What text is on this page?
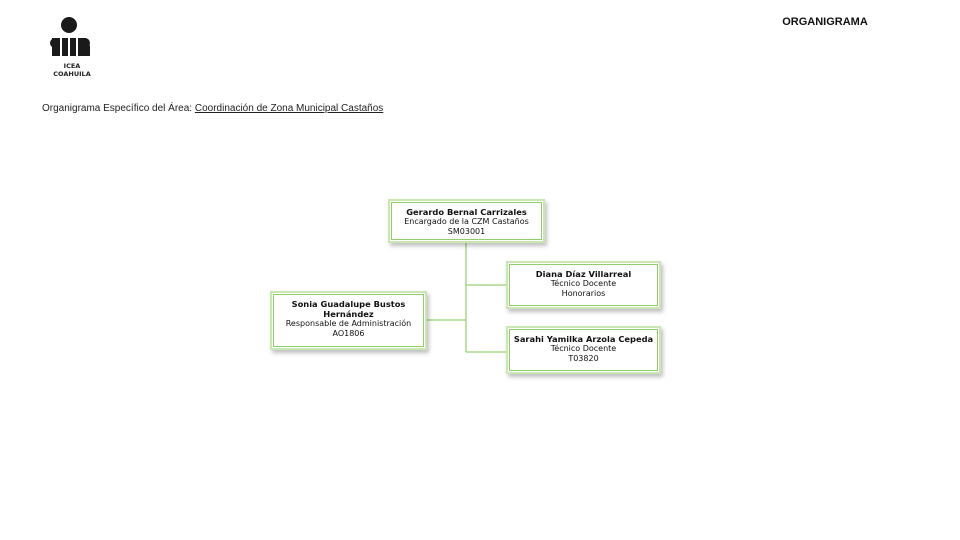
ICEA
COAHUILA
ORGANIGRAMA
Organigrama Específico del Área: Coordinación de Zona Municipal Castaños
Gerardo Bernal Carrizales
Encargado de la CZM Castaños
SM03001
Diana Díaz Villarreal
Técnico Docente
Honorarios
Sonia Guadalupe Bustos
Hernández
Responsable de Administración
AO1806
Sarahi Yamilka Arzola Cepeda
Técnico Docente
T03820
